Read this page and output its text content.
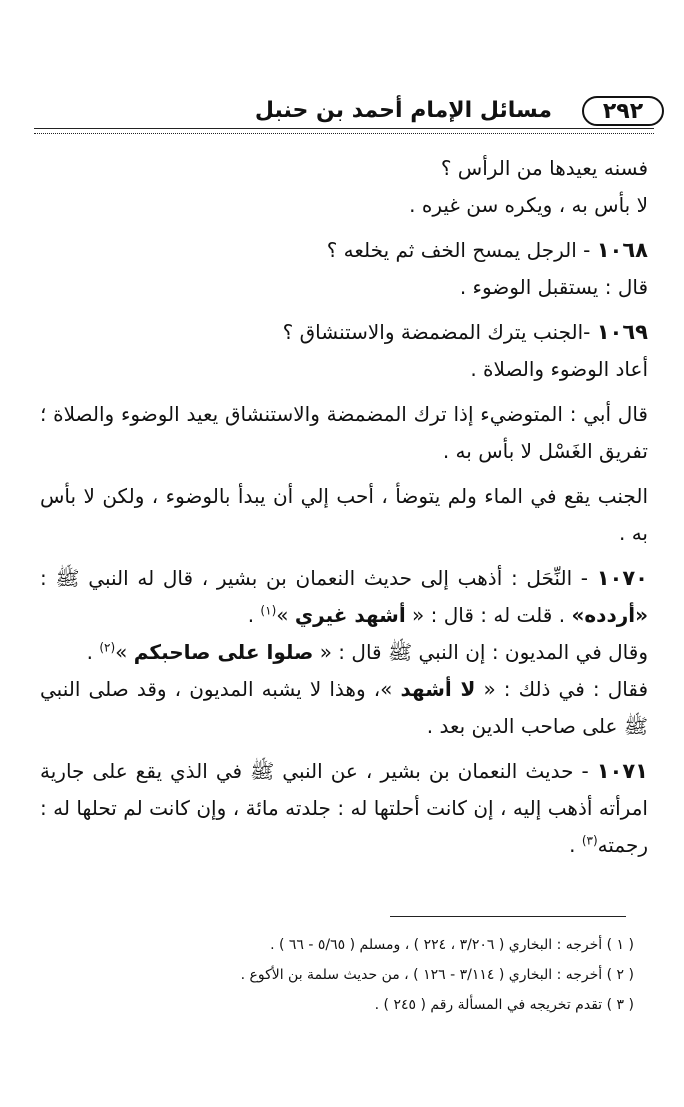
٢٩٢
مسائل الإمام أحمد بن حنبل

فسنه يعيدها من الرأس ؟

لا بأس به ، ويكره سن غيره .

١٠٦٨ - الرجل يمسح الخف ثم يخلعه ؟

قال : يستقبل الوضوء .

١٠٦٩ -الجنب يترك المضمضة والاستنشاق ؟

أعاد الوضوء والصلاة .

قال أبي : المتوضيء إذا ترك المضمضة والاستنشاق يعيد الوضوء والصلاة ؛ تفريق الغَسْل لا بأس به .

الجنب يقع في الماء ولم يتوضأ ، أحب إلي أن يبدأ بالوضوء ، ولكن لا بأس به .

١٠٧٠ - النِّحَل : أذهب إلى حديث النعمان بن بشير ، قال له النبي ﷺ : «أردده» . قلت له : قال : « أشهد غيري »$^{(١)}$ .

وقال في المديون : إن النبي ﷺ قال : « صلوا على صاحبكم »$^{(٢)}$ .

فقال : في ذلك : « لا أشهد »، وهذا لا يشبه المديون ، وقد صلى النبي ﷺ على صاحب الدين بعد .

١٠٧١ - حديث النعمان بن بشير ، عن النبي ﷺ في الذي يقع على جارية امرأته أذهب إليه ، إن كانت أحلتها له : جلدته مائة ، وإن كانت لم تحلها له : رجمته$^{(٣)}$ .

( ١ ) أخرجه : البخاري ( ٣/٢٠٦ ، ٢٢٤ ) ، ومسلم ( ٥/٦٥ - ٦٦ ) .
( ٢ ) أخرجه : البخاري ( ٣/١١٤ - ١٢٦ ) ، من حديث سلمة بن الأكوع .
( ٣ ) تقدم تخريجه في المسألة رقم ( ٢٤٥ ) .
